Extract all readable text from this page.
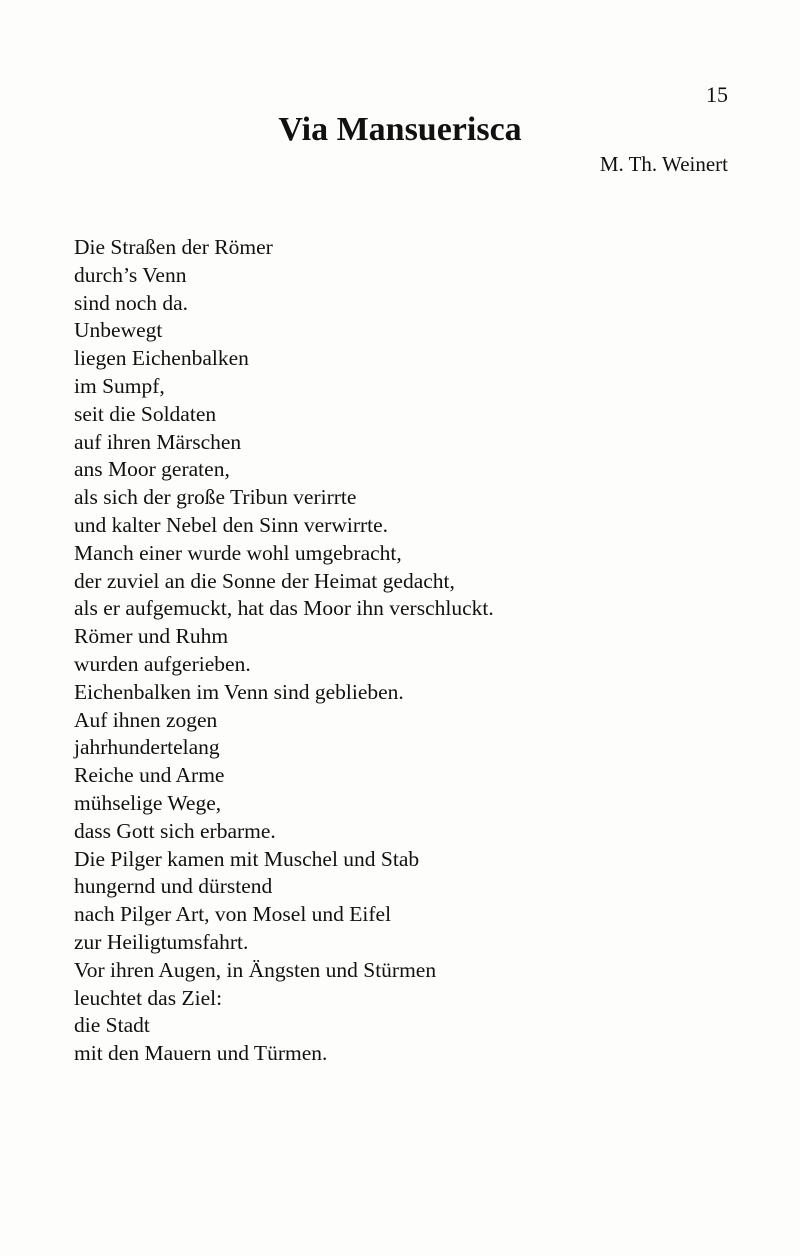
15
Via Mansuerisca
M. Th. Weinert
Die Straßen der Römer
durch’s Venn
sind noch da.
Unbewegt
liegen Eichenbalken
im Sumpf,
seit die Soldaten
auf ihren Märschen
ans Moor geraten,
als sich der große Tribun verirrte
und kalter Nebel den Sinn verwirrte.
Manch einer wurde wohl umgebracht,
der zuviel an die Sonne der Heimat gedacht,
als er aufgemuckt, hat das Moor ihn verschluckt.
Römer und Ruhm
wurden aufgerieben.
Eichenbalken im Venn sind geblieben.
Auf ihnen zogen
jahrhundertelang
Reiche und Arme
mühselige Wege,
dass Gott sich erbarme.
Die Pilger kamen mit Muschel und Stab
hungernd und dürstend
nach Pilger Art, von Mosel und Eifel
zur Heiligtumsfahrt.
Vor ihren Augen, in Ängsten und Stürmen
leuchtet das Ziel:
die Stadt
mit den Mauern und Türmen.
